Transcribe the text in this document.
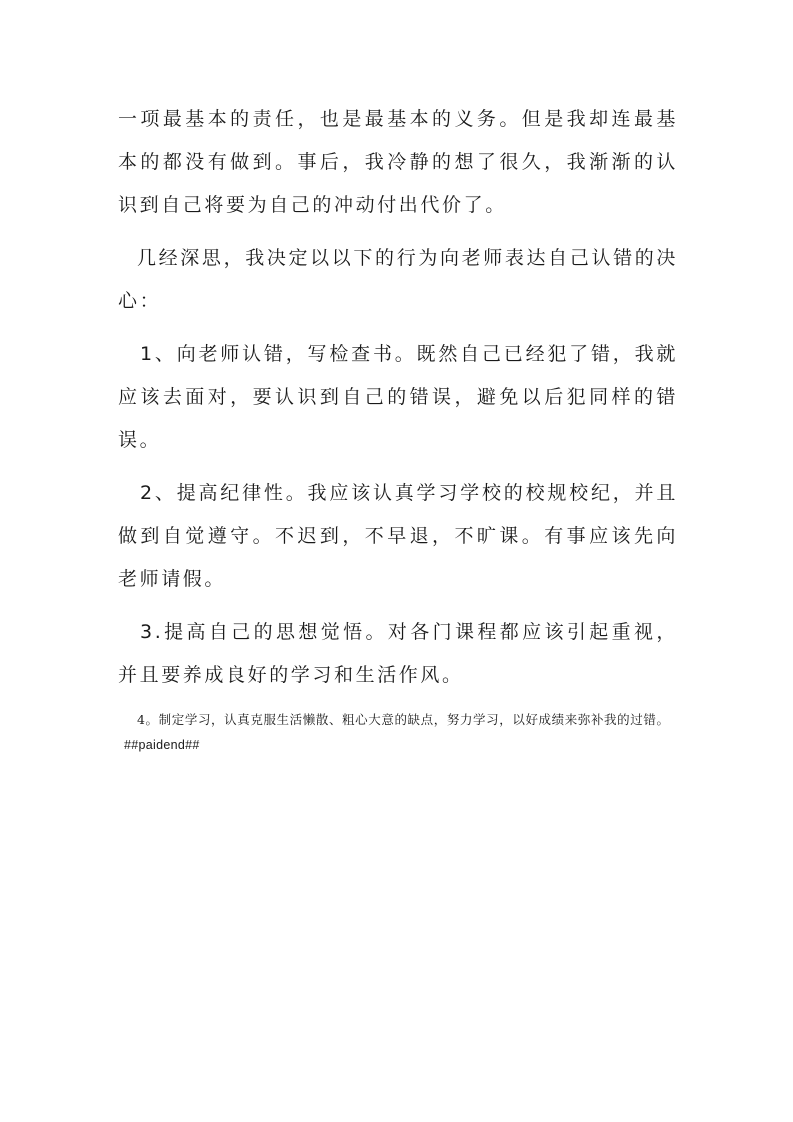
一项最基本的责任，也是最基本的义务。但是我却连最基本的都没有做到。事后，我冷静的想了很久，我渐渐的认识到自己将要为自己的冲动付出代价了。

几经深思，我决定以以下的行为向老师表达自己认错的决心：

1、向老师认错，写检查书。既然自己已经犯了错，我就应该去面对，要认识到自己的错误，避免以后犯同样的错误。

2、提高纪律性。我应该认真学习学校的校规校纪，并且做到自觉遵守。不迟到，不早退，不旷课。有事应该先向老师请假。

3.提高自己的思想觉悟。对各门课程都应该引起重视，并且要养成良好的学习和生活作风。

4。制定学习，认真克服生活懒散、粗心大意的缺点，努力学习，以好成绩来弥补我的过错。##paidend##
